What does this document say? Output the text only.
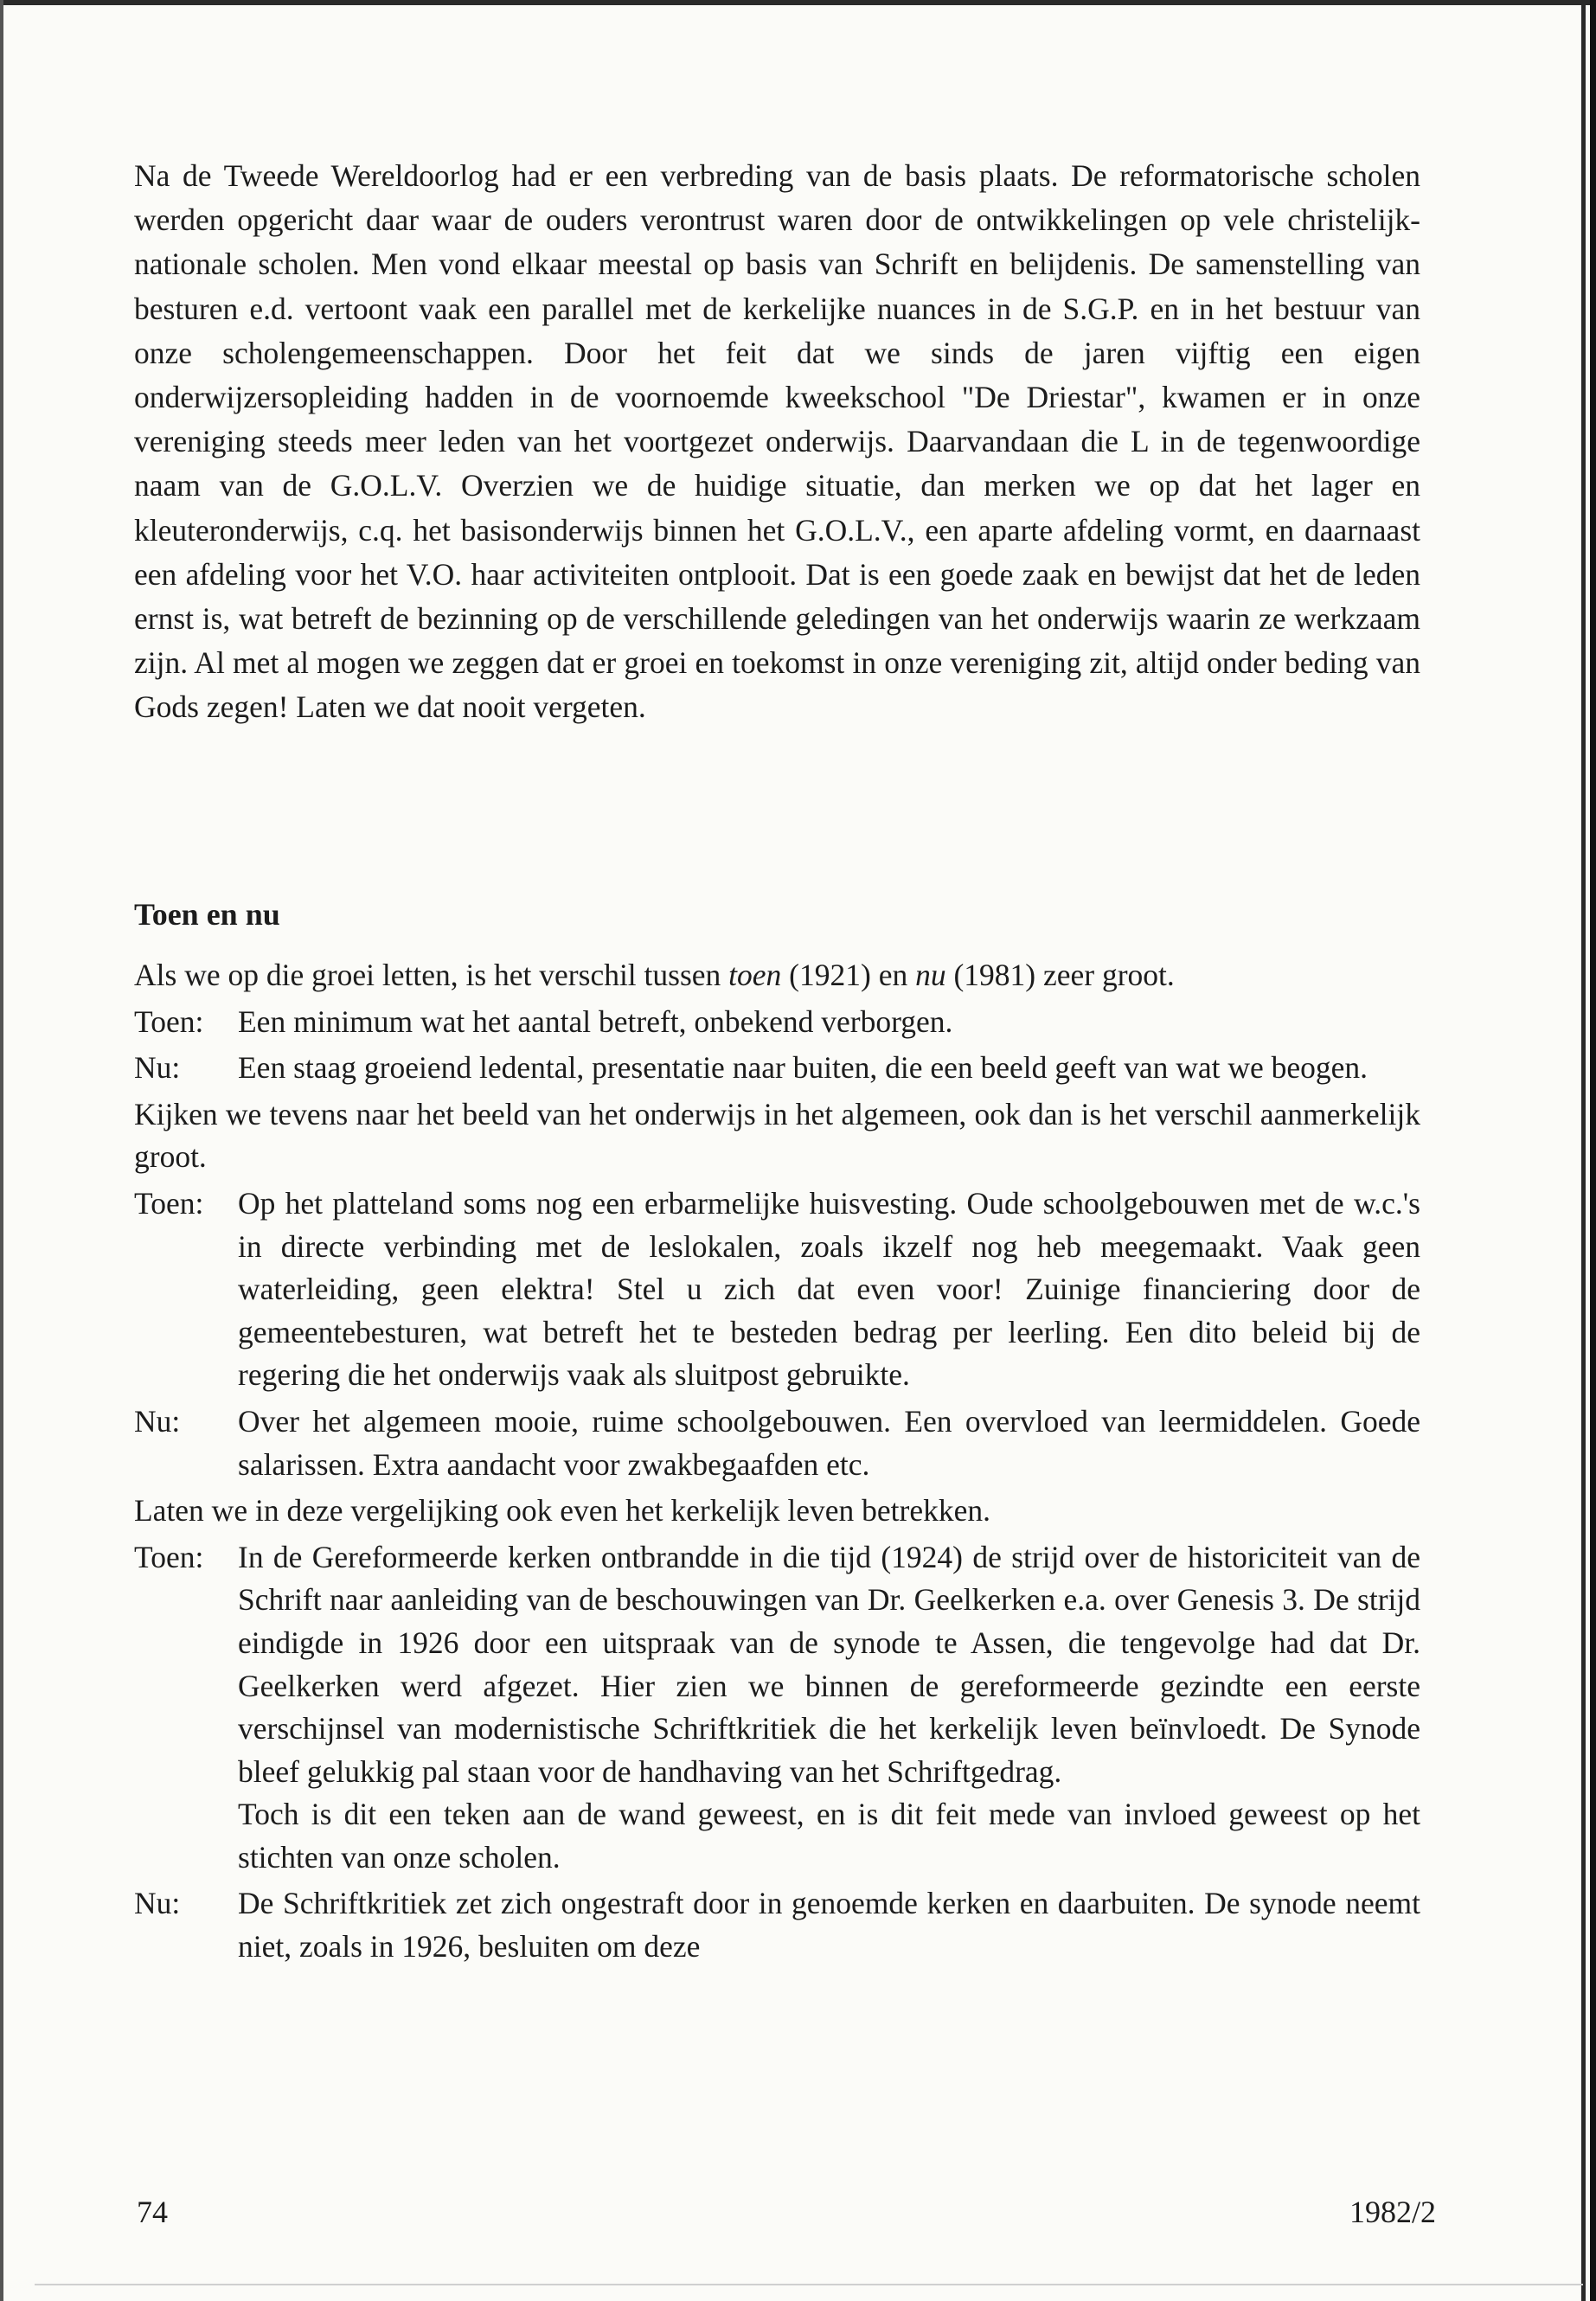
Na de Tweede Wereldoorlog had er een verbreding van de basis plaats. De reformatorische scholen werden opgericht daar waar de ouders verontrust waren door de ontwikkelingen op vele christelijk-nationale scholen. Men vond elkaar meestal op basis van Schrift en belijdenis. De samenstelling van besturen e.d. vertoont vaak een parallel met de kerkelijke nuances in de S.G.P. en in het bestuur van onze scholengemeenschappen. Door het feit dat we sinds de jaren vijftig een eigen onderwijzersopleiding hadden in de voornoemde kweekschool "De Driestar", kwamen er in onze vereniging steeds meer leden van het voortgezet onderwijs. Daarvandaan die L in de tegenwoordige naam van de G.O.L.V. Overzien we de huidige situatie, dan merken we op dat het lager en kleuteronderwijs, c.q. het basisonderwijs binnen het G.O.L.V., een aparte afdeling vormt, en daarnaast een afdeling voor het V.O. haar activiteiten ontplooit. Dat is een goede zaak en bewijst dat het de leden ernst is, wat betreft de bezinning op de verschillende geledingen van het onderwijs waarin ze werkzaam zijn. Al met al mogen we zeggen dat er groei en toekomst in onze vereniging zit, altijd onder beding van Gods zegen! Laten we dat nooit vergeten.

Toen en nu

Als we op die groei letten, is het verschil tussen toen (1921) en nu (1981) zeer groot.

Toen:	Een minimum wat het aantal betreft, onbekend verborgen.

Nu:	Een staag groeiend ledental, presentatie naar buiten, die een beeld geeft van wat we beogen.

Kijken we tevens naar het beeld van het onderwijs in het algemeen, ook dan is het verschil aanmerkelijk groot.

Toen:	Op het platteland soms nog een erbarmelijke huisvesting. Oude schoolgebouwen met de w.c.'s in directe verbinding met de leslokalen, zoals ikzelf nog heb meegemaakt. Vaak geen waterleiding, geen elektra! Stel u zich dat even voor! Zuinige financiering door de gemeentebesturen, wat betreft het te besteden bedrag per leerling. Een dito beleid bij de regering die het onderwijs vaak als sluitpost gebruikte.

Nu:	Over het algemeen mooie, ruime schoolgebouwen. Een overvloed van leermiddelen. Goede salarissen. Extra aandacht voor zwakbegaafden etc.

Laten we in deze vergelijking ook even het kerkelijk leven betrekken.

Toen:	In de Gereformeerde kerken ontbrandde in die tijd (1924) de strijd over de historiciteit van de Schrift naar aanleiding van de beschouwingen van Dr. Geelkerken e.a. over Genesis 3. De strijd eindigde in 1926 door een uitspraak van de synode te Assen, die tengevolge had dat Dr. Geelkerken werd afgezet. Hier zien we binnen de gereformeerde gezindte een eerste verschijnsel van modernistische Schriftkritiek die het kerkelijk leven beïnvloedt. De Synode bleef gelukkig pal staan voor de handhaving van het Schriftgedrag.

Toch is dit een teken aan de wand geweest, en is dit feit mede van invloed geweest op het stichten van onze scholen.

Nu:	De Schriftkritiek zet zich ongestraft door in genoemde kerken en daarbuiten. De synode neemt niet, zoals in 1926, besluiten om deze

74	1982/2
